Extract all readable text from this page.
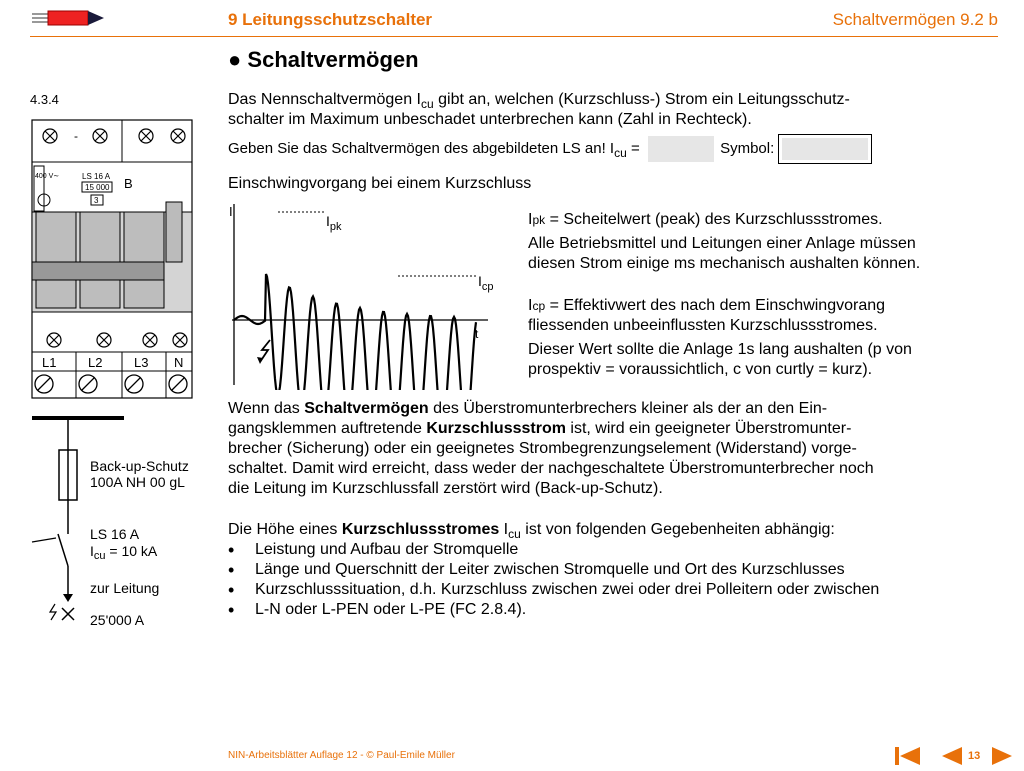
9 Leitungsschutzschalter	Schaltvermögen 9.2 b
● Schaltvermögen
4.3.4	Das Nennschaltvermögen $I_{cu}$ gibt an, welchen (Kurzschluss-) Strom ein Leitungsschutz-
schalter im Maximum unbeschadet unterbrechen kann (Zahl in Rechteck).
Geben Sie das Schaltvermögen des abgebildeten LS an! $I_{cu}$ =	Symbol:
Einschwingvorgang bei einem Kurzschluss
I
t
$I_{pk}$
$I_{cp}$
Ipk = Scheitelwert (peak) des Kurzschlussstromes.
Alle Betriebsmittel und Leitungen einer Anlage müssen
diesen Strom einige ms mechanisch aushalten können.
Icp = Effektivwert des nach dem Einschwingvorang
fliessenden unbeeinflussten Kurzschlussstromes.
Dieser Wert sollte die Anlage 1s lang aushalten (p von
prospektiv = voraussichtlich, c von curtly = kurz).
Wenn das Schaltvermögen des Überstromunterbrechers kleiner als der an den Ein-
gangsklemmen auftretende Kurzschlussstrom ist, wird ein geeigneter Überstromunter-
brecher (Sicherung) oder ein geeignetes Strombegrenzungselement (Widerstand) vorge-
schaltet. Damit wird erreicht, dass weder der nachgeschaltete Überstromunterbrecher noch
die Leitung im Kurzschlussfall zerstört wird (Back-up-Schutz).
Die Höhe eines Kurzschlussstromes $I_{cu}$ ist von folgenden Gegebenheiten abhängig:
• Leistung und Aufbau der Stromquelle
• Länge und Querschnitt der Leiter zwischen Stromquelle und Ort des Kurzschlusses
• Kurzschlusssituation, d.h. Kurzschluss zwischen zwei oder drei Polleitern oder zwischen
• L-N oder L-PEN oder L-PE (FC 2.8.4).
-
400 V∼	LS 16 A
15 000
3
B
L1 L2 L3 N
Back-up-Schutz
100A NH 00 gL
LS 16 A
$I_{cu} = 10$ kA
zur Leitung
25'000 A
NIN-Arbeitsblätter Auflage 12 - © Paul-Emile Müller	13
